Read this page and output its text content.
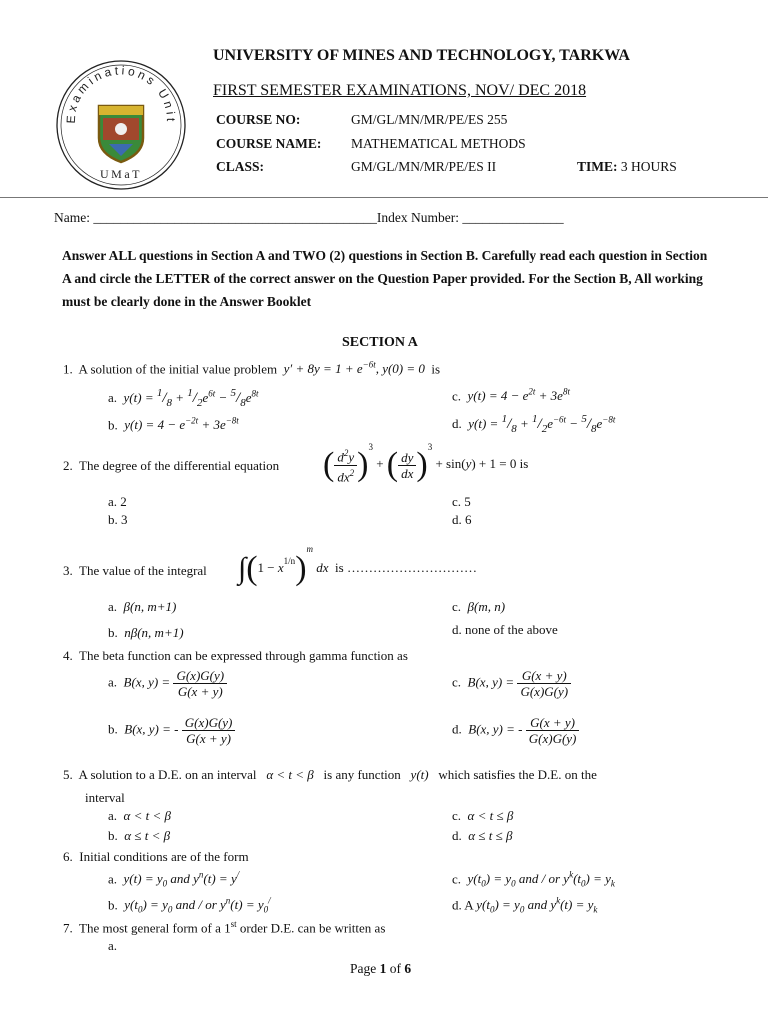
Examinations Unit
UMaT
UNIVERSITY OF MINES AND TECHNOLOGY, TARKWA
FIRST SEMESTER EXAMINATIONS, NOV/ DEC 2018
COURSE NO:	GM/GL/MN/MR/PE/ES 255
COURSE NAME: MATHEMATICAL METHODS
CLASS:	GM/GL/MN/MR/PE/ES II	TIME: 3 HOURS
Name: __________________________________________Index Number: _______________
Answer ALL questions in Section A and TWO (2) questions in Section B. Carefully read each question in Section A and circle the LETTER of the correct answer on the Question Paper provided. For the Section B, All working must be clearly done in the Answer Booklet
SECTION A
1. A solution of the initial value problem $y' + 8y = 1 + e^{-6t}$, y(0) = 0 is
a. $y(t) = ^1/_8 + ^1/_2e^{6t} - ^5/_8e^{8t}$
b. $y(t) = 4 - e^{-2t} + 3e^{-8t}$
c. $y(t) = 4 - e^{2t} + 3e^{8t}$
d. $y(t) = ^1/_8 + ^1/_2e^{-6t} - ^5/_8e^{-8t}$
2. The degree of the differential equation ( $\frac{d^2y}{dx^2} )^3$ + ( $\frac{dy}{dx} )^3 + \sin(y) + 1 = 0$ is
a. 2
b. 3
c. 5
d. 6
3. The value of the integral $\int(1 - x^{1/n})^m$ dx is …………………………
a. β(n, m+1)
b. nβ(n, m+1)
c. β(m, n)
d. none of the above
4. The beta function can be expressed through gamma function as
a. B(x, $y) = \frac{G(x)G(y)}{G(x + y)}$
b. B(x, y) = - $\frac{G(x)G(y)}{G(x + y)}$
c. B(x, $y) = \frac{G(x + y)}{G(x)G(y)}$
d. B(x, y) = - $\frac{G(x + y)}{G(x)G(y)}$
5. A solution to a D.E. on an interval α < t < β is any function y(t) which satisfies the D.E. on the
interval
a. α < t < β
b. α ≤ t < β
c. α < t ≤ β
d. α ≤ t ≤ β
6. Initial conditions are of the form
a. $y(t) = y_0$ and $y^n(t) = y^/$
b. $y(t_0) = y_0$ and / or $y^n(t) = y_0^/$
c. $y(t_0) = y_0$ and / or $y^k(t_0) = y_k$
d. A $y(t_0) = y_0$ and $y^k(t) = y_k$
7. The most general form of a 1st order D.E. can be written as
a.
Page 1 of 6
